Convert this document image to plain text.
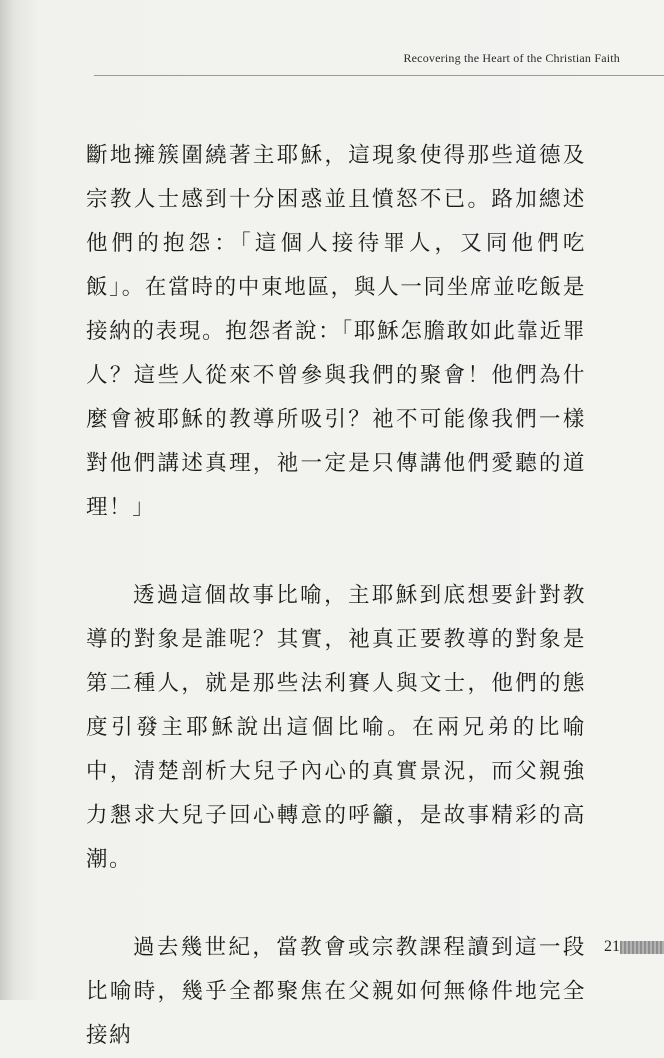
Recovering the Heart of the Christian Faith

斷地擁簇圍繞著主耶穌，這現象使得那些道德及宗教人士感到十分困惑並且憤怒不已。路加總述他們的抱怨：「這個人接待罪人，又同他們吃飯」。在當時的中東地區，與人一同坐席並吃飯是接納的表現。抱怨者說：「耶穌怎膽敢如此靠近罪人？這些人從來不曾參與我們的聚會！他們為什麼會被耶穌的教導所吸引？祂不可能像我們一樣對他們講述真理，祂一定是只傳講他們愛聽的道理！」

透過這個故事比喻，主耶穌到底想要針對教導的對象是誰呢？其實，祂真正要教導的對象是第二種人，就是那些法利賽人與文士，他們的態度引發主耶穌說出這個比喻。在兩兄弟的比喻中，清楚剖析大兒子內心的真實景況，而父親強力懇求大兒子回心轉意的呼籲，是故事精彩的高潮。

過去幾世紀，當教會或宗教課程讀到這一段比喻時，幾乎全都聚焦在父親如何無條件地完全接納

21
